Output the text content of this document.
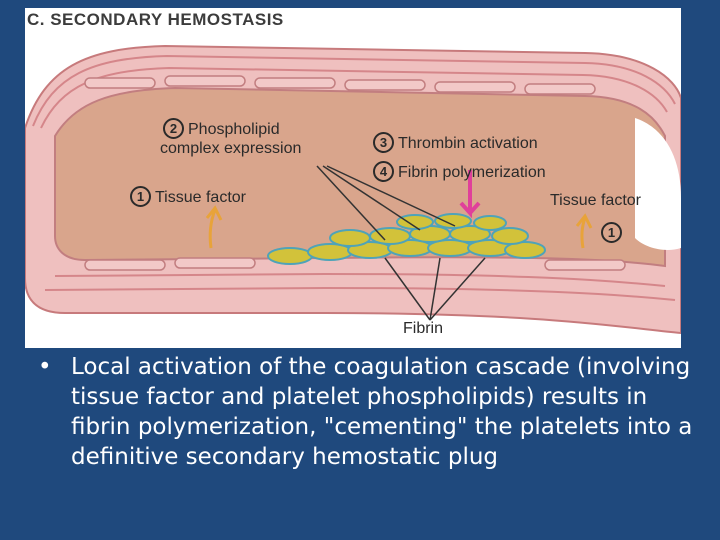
C. SECONDARY HEMOSTASIS
2 Phospholipid
complex expression	3 Thrombin activation
4 Fibrin polymerization
1 Tissue factor	Tissue factor
1
Fibrin
• Local activation of the coagulation cascade (involving tissue factor and platelet phospholipids) results in fibrin polymerization, "cementing" the platelets into a definitive secondary hemostatic plug
